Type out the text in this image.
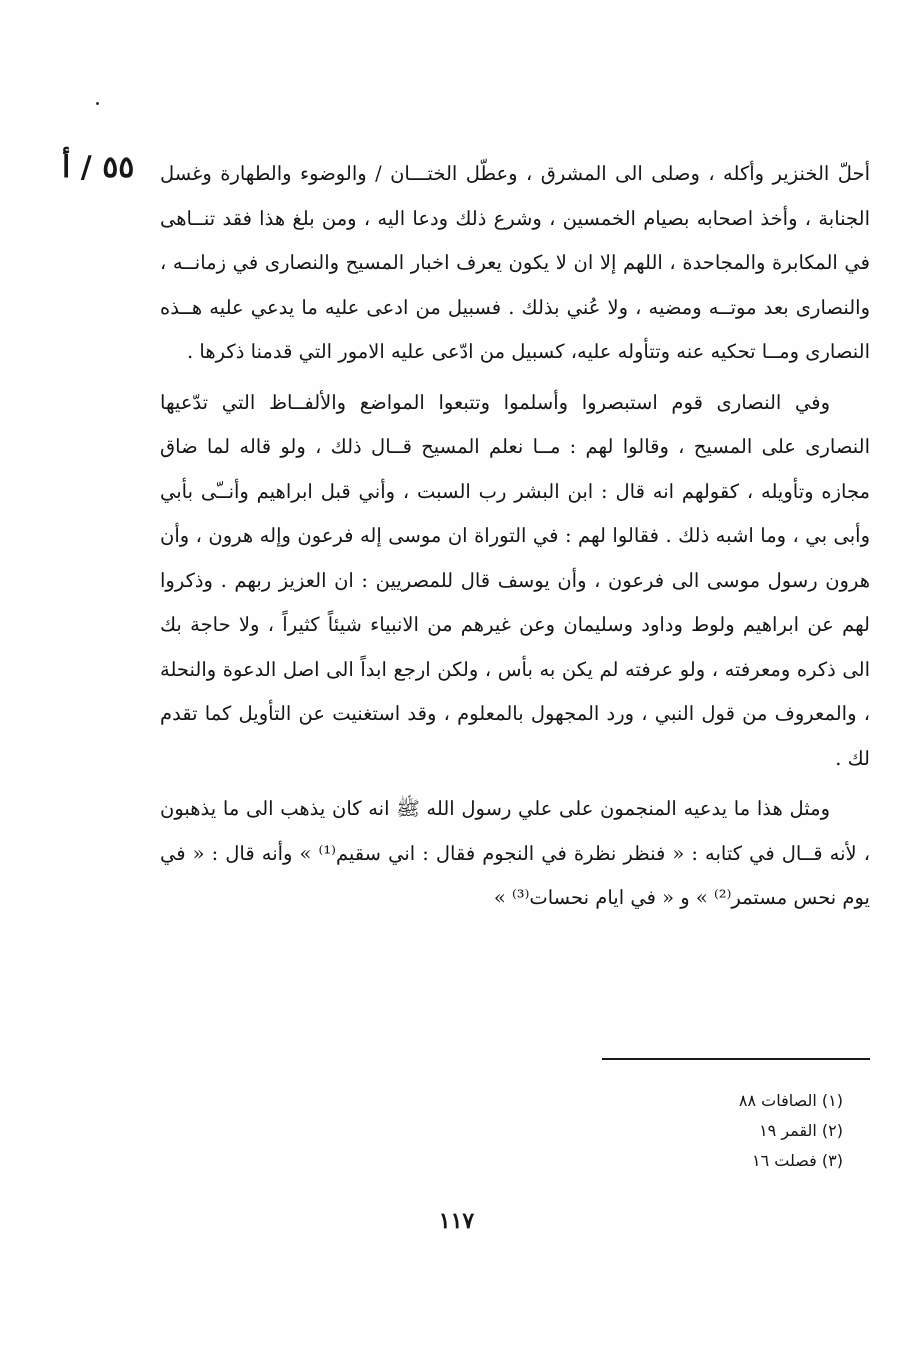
٥٥ / أ أحلّ الخنزير وأكله ، وصلى الى المشرق ، وعطّل الختـــان / والوضوء والطهارة وغسل الجنابة ، وأخذ اصحابه بصيام الخمسين ، وشرع ذلك ودعا اليه ، ومن بلغ هذا فقد تنــاهى في المكابرة والمجاحدة ، اللهم إلا ان لا يكون يعرف اخبار المسيح والنصارى في زمانــه ، والنصارى بعد موتــه ومضيه ، ولا عُني بذلك . فسبيل من ادعى عليه ما يدعي عليه هــذه النصارى ومــا تحكيه عنه وتتأوله عليه، كسبيل من ادّعى عليه الامور التي قدمنا ذكرها .

وفي النصارى قوم استبصروا وأسلموا وتتبعوا المواضع والألفــاظ التي تدّعيها النصارى على المسيح ، وقالوا لهم : مــا نعلم المسيح قــال ذلك ، ولو قاله لما ضاق مجازه وتأويله ، كقولهم انه قال : ابن البشر رب السبت ، وأني قبل ابراهيم وأنــّى بأبي وأبى بي ، وما اشبه ذلك . فقالوا لهم : في التوراة ان موسى إله فرعون وإله هرون ، وأن هرون رسول موسى الى فرعون ، وأن يوسف قال للمصريين : ان العزيز ربهم . وذكروا لهم عن ابراهيم ولوط وداود وسليمان وعن غيرهم من الانبياء شيئاً كثيراً ، ولا حاجة بك الى ذكره ومعرفته ، ولو عرفته لم يكن به بأس ، ولكن ارجع ابداً الى اصل الدعوة والنحلة ، والمعروف من قول النبي ، ورد المجهول بالمعلوم ، وقد استغنيت عن التأويل كما تقدم لك .

ومثل هذا ما يدعيه المنجمون على علي رسول الله ﷺ انه كان يذهب الى ما يذهبون ، لأنه قــال في كتابه : « فنظر نظرة في النجوم فقال : اني سقيم⁽¹⁾ » وأنه قال : « في يوم نحس مستمر⁽²⁾ » و « في ايام نحسات⁽³⁾ »

(١) الصافات ٨٨

(٢) القمر ١٩

(٣) فصلت ١٦

١١٧
